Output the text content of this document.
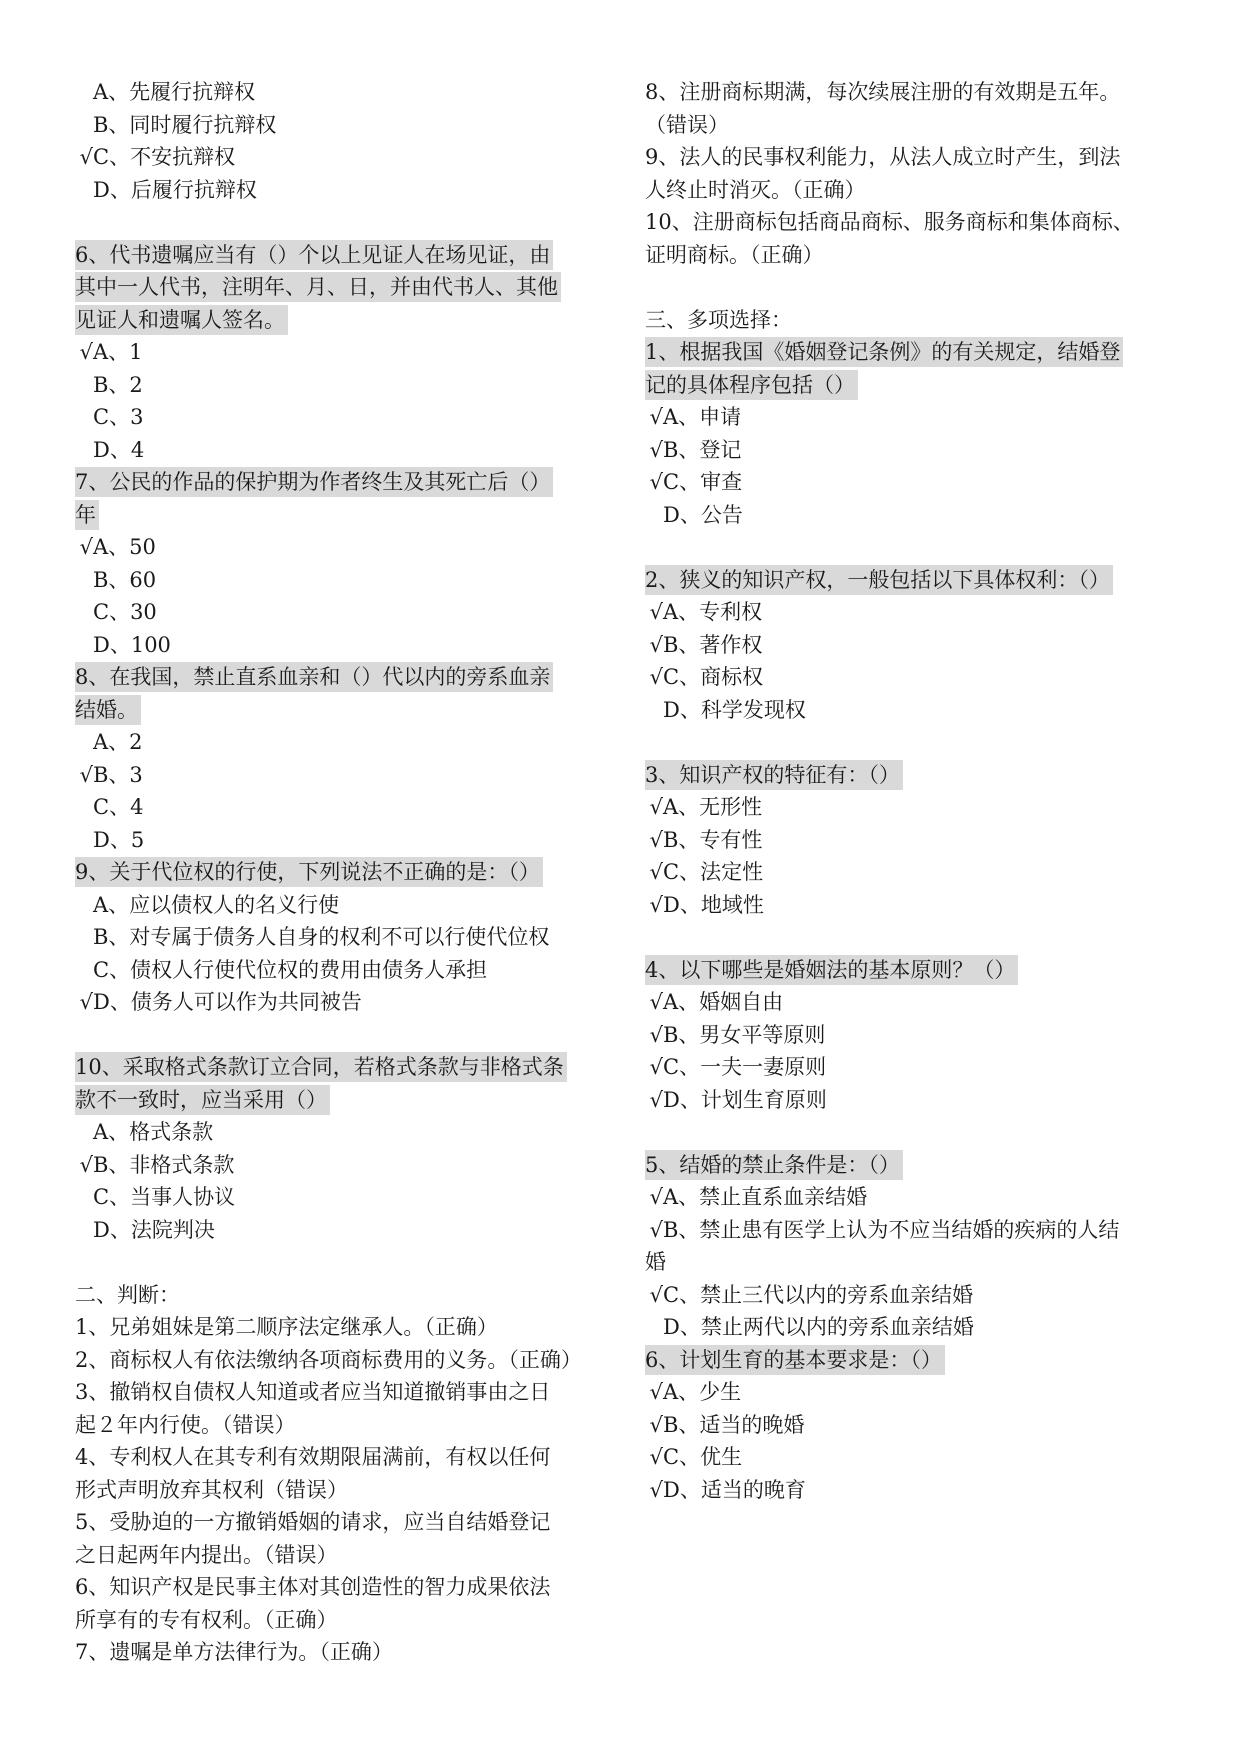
A、先履行抗辩权
B、同时履行抗辩权
√C、不安抗辩权
D、后履行抗辩权
6、代书遗嘱应当有（）个以上见证人在场见证，由
其中一人代书，注明年、月、日，并由代书人、其他
见证人和遗嘱人签名。
√A、1
B、2
C、3
D、4
7、公民的作品的保护期为作者终生及其死亡后（）
年
√A、50
B、60
C、30
D、100
8、在我国，禁止直系血亲和（）代以内的旁系血亲
结婚。
A、2
√B、3
C、4
D、5
9、关于代位权的行使，下列说法不正确的是：（）
A、应以债权人的名义行使
B、对专属于债务人自身的权利不可以行使代位权
C、债权人行使代位权的费用由债务人承担
√D、债务人可以作为共同被告
10、采取格式条款订立合同，若格式条款与非格式条
款不一致时，应当采用（）
A、格式条款
√B、非格式条款
C、当事人协议
D、法院判决
二、判断：
1、兄弟姐妹是第二顺序法定继承人。（正确）
2、商标权人有依法缴纳各项商标费用的义务。（正确）
3、撤销权自债权人知道或者应当知道撤销事由之日
起２年内行使。（错误）
4、专利权人在其专利有效期限届满前，有权以任何
形式声明放弃其权利（错误）
5、受胁迫的一方撤销婚姻的请求，应当自结婚登记
之日起两年内提出。（错误）
6、知识产权是民事主体对其创造性的智力成果依法
所享有的专有权利。（正确）
7、遗嘱是单方法律行为。（正确）
8、注册商标期满，每次续展注册的有效期是五年。
（错误）
9、法人的民事权利能力，从法人成立时产生，到法
人终止时消灭。（正确）
10、注册商标包括商品商标、服务商标和集体商标、
证明商标。（正确）
三、多项选择：
1、根据我国《婚姻登记条例》的有关规定，结婚登
记的具体程序包括（）
√A、申请
√B、登记
√C、审查
D、公告
2、狭义的知识产权，一般包括以下具体权利：（）
√A、专利权
√B、著作权
√C、商标权
D、科学发现权
3、知识产权的特征有：（）
√A、无形性
√B、专有性
√C、法定性
√D、地域性
4、以下哪些是婚姻法的基本原则？（）
√A、婚姻自由
√B、男女平等原则
√C、一夫一妻原则
√D、计划生育原则
5、结婚的禁止条件是：（）
√A、禁止直系血亲结婚
√B、禁止患有医学上认为不应当结婚的疾病的人结
婚
√C、禁止三代以内的旁系血亲结婚
D、禁止两代以内的旁系血亲结婚
6、计划生育的基本要求是：（）
√A、少生
√B、适当的晚婚
√C、优生
√D、适当的晚育
